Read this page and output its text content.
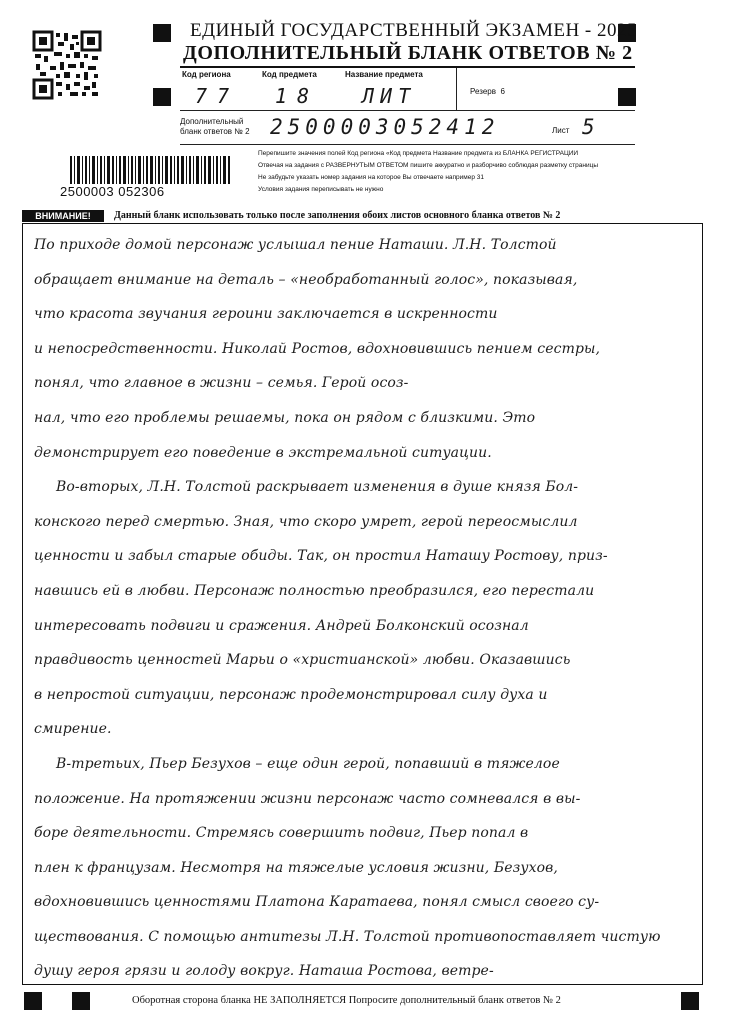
ЕДИНЫЙ ГОСУДАРСТВЕННЫЙ ЭКЗАМЕН - 2025
ДОПОЛНИТЕЛЬНЫЙ БЛАНК ОТВЕТОВ № 2
Код региона	Код предмета	Название предмета
Резерв 6
77 18 ЛИТ
Дополнительный
бланк ответов № 2 2500003052412	Лист 5
2500003 052306
Перепишите значения полей Код региона «Код предмета Название предмета из БЛАНКА РЕГИСТРАЦИИ
Отвечая на задания с РАЗВЕРНУТЫМ ОТВЕТОМ пишите аккуратно и разборчиво соблюдая разметку страницы
Не забудьте указать номер задания на которое Вы отвечаете например 31
Условия задания переписывать не нужно
ВНИМАНИЕ!	Данный бланк использовать только после заполнения обоих листов основного бланка ответов № 2
По приходе домой персонаж услышал пение Наташи. Л.Н. Толстой
обращает внимание на деталь – «необработанный голос», показывая,
что красота звучания героини заключается в искренности
и непосредственности. Николай Ростов, вдохновившись пением сестры,
понял, что главное в жизни – семья. Герой осоз-
нал, что его проблемы решаемы, пока он рядом с близкими. Это
демонстрирует его поведение в экстремальной ситуации.
Во-вторых, Л.Н. Толстой раскрывает изменения в душе князя Бол-
конского перед смертью. Зная, что скоро умрет, герой переосмыслил
ценности и забыл старые обиды. Так, он простил Наташу Ростову, приз-
навшись ей в любви. Персонаж полностью преобразился, его перестали
интересовать подвиги и сражения. Андрей Болконский осознал
правдивость ценностей Марьи о «христианской» любви. Оказавшись
в непростой ситуации, персонаж продемонстрировал силу духа и
смирение.
В-третьих, Пьер Безухов – еще один герой, попавший в тяжелое
положение. На протяжении жизни персонаж часто сомневался в вы-
боре деятельности. Стремясь совершить подвиг, Пьер попал в
плен к французам. Несмотря на тяжелые условия жизни, Безухов,
вдохновившись ценностями Платона Каратаева, понял смысл своего су-
ществования. С помощью антитезы Л.Н. Толстой противопоставляет чистую
душу героя грязи и голоду вокруг. Наташа Ростова, ветре-
Оборотная сторона бланка НЕ ЗАПОЛНЯЕТСЯ Попросите дополнительный бланк ответов № 2
